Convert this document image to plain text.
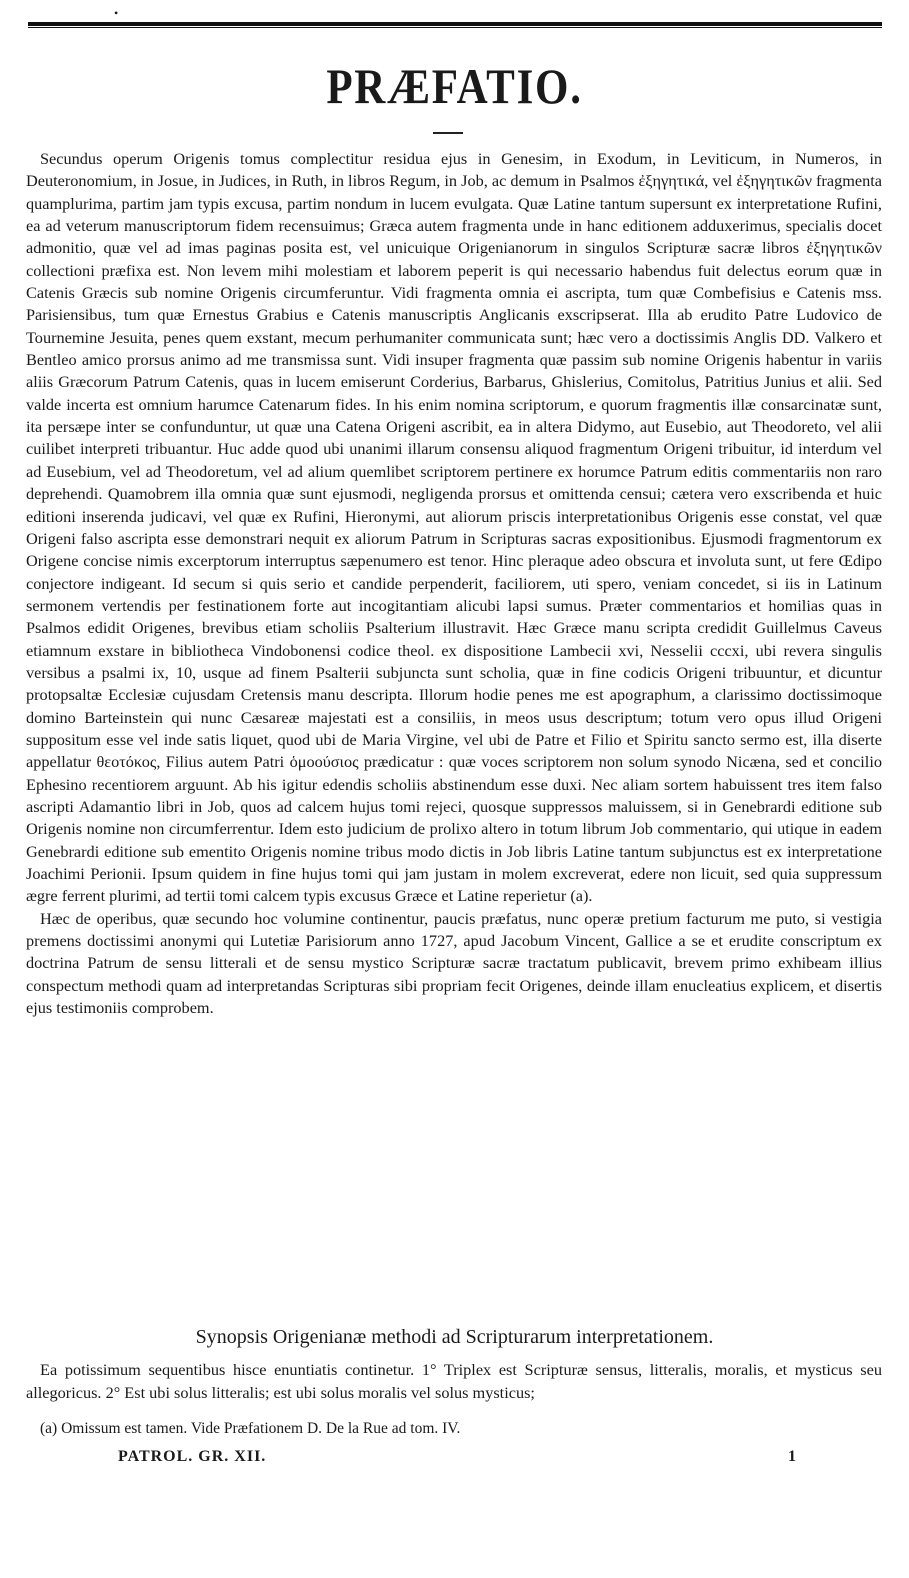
•
PRÆFATIO.

Secundus operum Origenis tomus complectitur residua ejus in Genesim, in Exodum, in Leviticum, in Numeros, in Deuteronomium, in Josue, in Judices, in Ruth, in libros Regum, in Job, ac demum in Psalmos ἐξηγητικά, vel ἐξηγητικῶν fragmenta quamplurima, partim jam typis excusa, partim nondum in lucem evulgata. Quæ Latine tantum supersunt ex interpretatione Rufini, ea ad veterum manuscriptorum fidem recensuimus; Græca autem fragmenta unde in hanc editionem adduxerimus, specialis docet admonitio, quæ vel ad imas paginas posita est, vel unicuique Origenianorum in singulos Scripturæ sacræ libros ἐξηγητικῶν collectioni præfixa est. Non levem mihi molestiam et laborem peperit is qui necessario habendus fuit delectus eorum quæ in Catenis Græcis sub nomine Origenis circumferuntur. Vidi fragmenta omnia ei ascripta, tum quæ Combefisius e Catenis mss. Parisiensibus, tum quæ Ernestus Grabius e Catenis manuscriptis Anglicanis exscripserat. Illa ab erudito Patre Ludovico de Tournemine Jesuita, penes quem exstant, mecum perhumaniter communicata sunt; hæc vero a doctissimis Anglis DD. Valkero et Bentleo amico prorsus animo ad me transmissa sunt. Vidi insuper fragmenta quæ passim sub nomine Origenis habentur in variis aliis Græcorum Patrum Catenis, quas in lucem emiserunt Corderius, Barbarus, Ghislerius, Comitolus, Patritius Junius et alii. Sed valde incerta est omnium harumce Catenarum fides. In his enim nomina scriptorum, e quorum fragmentis illæ consarcinatæ sunt, ita persæpe inter se confunduntur, ut quæ una Catena Origeni ascribit, ea in altera Didymo, aut Eusebio, aut Theodoreto, vel alii cuilibet interpreti tribuantur. Huc adde quod ubi unanimi illarum consensu aliquod fragmentum Origeni tribuitur, id interdum vel ad Eusebium, vel ad Theodoretum, vel ad alium quemlibet scriptorem pertinere ex horumce Patrum editis commentariis non raro deprehendi. Quamobrem illa omnia quæ sunt ejusmodi, negligenda prorsus et omittenda censui; cætera vero exscribenda et huic editioni inserenda judicavi, vel quæ ex Rufini, Hieronymi, aut aliorum priscis interpretationibus Origenis esse constat, vel quæ Origeni falso ascripta esse demonstrari nequit ex aliorum Patrum in Scripturas sacras expositionibus. Ejusmodi fragmentorum ex Origene concise nimis excerptorum interruptus sæpenumero est tenor. Hinc pleraque adeo obscura et involuta sunt, ut fere Œdipo conjectore indigeant. Id secum si quis serio et candide perpenderit, faciliorem, uti spero, veniam concedet, si iis in Latinum sermonem vertendis per festinationem forte aut incogitantiam alicubi lapsi sumus. Præter commentarios et homilias quas in Psalmos edidit Origenes, brevibus etiam scholiis Psalterium illustravit. Hæc Græce manu scripta credidit Guillelmus Caveus etiamnum exstare in bibliotheca Vindobonensi codice theol. ex dispositione Lambecii xvi, Nesselii cccxi, ubi revera singulis versibus a psalmi ix, 10, usque ad finem Psalterii subjuncta sunt scholia, quæ in fine codicis Origeni tribuuntur, et dicuntur protopsaltæ Ecclesiæ cujusdam Cretensis manu descripta. Illorum hodie penes me est apographum, a clarissimo doctissimoque domino Barteinstein qui nunc Cæsareæ majestati est a consiliis, in meos usus descriptum; totum vero opus illud Origeni suppositum esse vel inde satis liquet, quod ubi de Maria Virgine, vel ubi de Patre et Filio et Spiritu sancto sermo est, illa diserte appellatur θεοτόκος, Filius autem Patri ὁμοούσιος prædicatur : quæ voces scriptorem non solum synodo Nicæna, sed et concilio Ephesino recentiorem arguunt. Ab his igitur edendis scholiis abstinendum esse duxi. Nec aliam sortem habuissent tres item falso ascripti Adamantio libri in Job, quos ad calcem hujus tomi rejeci, quosque suppressos maluissem, si in Genebrardi editione sub Origenis nomine non circumferrentur. Idem esto judicium de prolixo altero in totum librum Job commentario, qui utique in eadem Genebrardi editione sub ementito Origenis nomine tribus modo dictis in Job libris Latine tantum subjunctus est ex interpretatione Joachimi Perionii. Ipsum quidem in fine hujus tomi qui jam justam in molem excreverat, edere non licuit, sed quia suppressum ægre ferrent plurimi, ad tertii tomi calcem typis excusus Græce et Latine reperietur (a).

Hæc de operibus, quæ secundo hoc volumine continentur, paucis præfatus, nunc operæ pretium facturum me puto, si vestigia premens doctissimi anonymi qui Lutetiæ Parisiorum anno 1727, apud Jacobum Vincent, Gallice a se et erudite conscriptum ex doctrina Patrum de sensu litterali et de sensu mystico Scripturæ sacræ tractatum publicavit, brevem primo exhibeam illius conspectum methodi quam ad interpretandas Scripturas sibi propriam fecit Origenes, deinde illam enucleatius explicem, et disertis ejus testimoniis comprobem.

Synopsis Origenianæ methodi ad Scripturarum interpretationem.

Ea potissimum sequentibus hisce enuntiatis continetur. 1° Triplex est Scripturæ sensus, litteralis, moralis, et mysticus seu allegoricus. 2° Est ubi solus litteralis; est ubi solus moralis vel solus mysticus;

(a) Omissum est tamen. Vide Præfationem D. De la Rue ad tom. IV.
PATROL. GR. XII.	1
